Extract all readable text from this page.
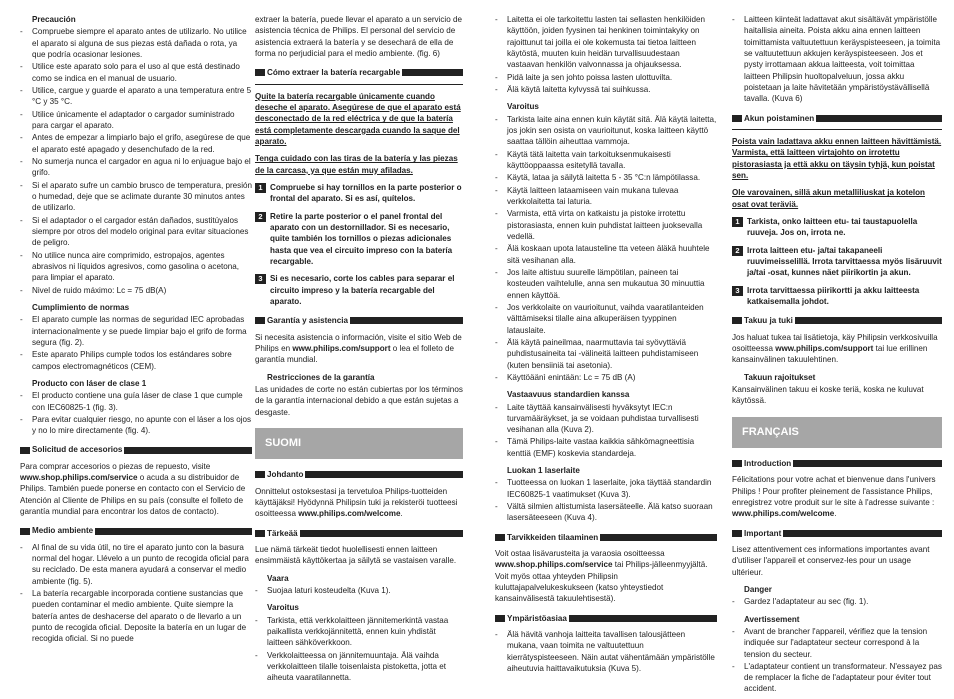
Precaución
- Compruebe siempre el aparato antes de utilizarlo. No utilice el aparato si alguna de sus piezas está dañada o rota, ya que podría ocasionar lesiones.
- Utilice este aparato solo para el uso al que está destinado como se indica en el manual de usuario.
- Utilice, cargue y guarde el aparato a una temperatura entre 5 °C y 35 °C.
- Utilice únicamente el adaptador o cargador suministrado para cargar el aparato.
- Antes de empezar a limpiarlo bajo el grifo, asegúrese de que el aparato esté apagado y desenchufado de la red.
- No sumerja nunca el cargador en agua ni lo enjuague bajo el grifo.
- Si el aparato sufre un cambio brusco de temperatura, presión o humedad, deje que se aclimate durante 30 minutos antes de utilizarlo.
- Si el adaptador o el cargador están dañados, sustitúyalos siempre por otros del modelo original para evitar situaciones de peligro.
- No utilice nunca aire comprimido, estropajos, agentes abrasivos ni líquidos agresivos, como gasolina o acetona, para limpiar el aparato.
- Nivel de ruido máximo: Lc = 75 dB(A)
Cumplimiento de normas
- El aparato cumple las normas de seguridad IEC aprobadas internacionalmente y se puede limpiar bajo el grifo de forma segura (fig. 2).
- Este aparato Philips cumple todos los estándares sobre campos electromagnéticos (CEM).
Producto con láser de clase 1
- El producto contiene una guía láser de clase 1 que cumple con IEC60825-1 (fig. 3).
- Para evitar cualquier riesgo, no apunte con el láser a los ojos y no lo mire directamente (fig. 4).
Solicitud de accesorios

Para comprar accesorios o piezas de repuesto, visite www.shop.philips.com/service o acuda a su distribuidor de Philips. También puede ponerse en contacto con el Servicio de Atención al Cliente de Philips en su país (consulte el folleto de garantía mundial para encontrar los datos de contacto).

Medio ambiente
- Al final de su vida útil, no tire el aparato junto con la basura normal del hogar. Llévelo a un punto de recogida oficial para su reciclado. De esta manera ayudará a conservar el medio ambiente (fig. 5).
- La batería recargable incorporada contiene sustancias que pueden contaminar el medio ambiente. Quite siempre la batería antes de deshacerse del aparato o de llevarlo a un punto de recogida oficial. Deposite la batería en un lugar de recogida oficial. Si no puede

extraer la batería, puede llevar el aparato a un servicio de asistencia técnica de Philips. El personal del servicio de asistencia extraerá la batería y se desechará de ella de forma no perjudicial para el medio ambiente. (fig. 6)

Cómo extraer la batería recargable

Quite la batería recargable únicamente cuando deseche el aparato. Asegúrese de que el aparato está desconectado de la red eléctrica y de que la batería está completamente descargada cuando la saque del aparato.

Tenga cuidado con las tiras de la batería y las piezas de la carcasa, ya que están muy afiladas.

1 Compruebe si hay tornillos en la parte posterior o frontal del aparato. Si es así, quítelos.
2 Retire la parte posterior o el panel frontal del aparato con un destornillador. Si es necesario, quite también los tornillos o piezas adicionales hasta que vea el circuito impreso con la batería recargable.
3 Si es necesario, corte los cables para separar el circuito impreso y la batería recargable del aparato.
Garantía y asistencia

Si necesita asistencia o información, visite el sitio Web de Philips en www.philips.com/support o lea el folleto de garantía mundial.

Restricciones de la garantía

Las unidades de corte no están cubiertas por los términos de la garantía internacional debido a que están sujetas a desgaste.

SUOMI
Johdanto

Onnittelut ostoksestasi ja tervetuloa Philips-tuotteiden käyttäjäksi! Hyödynnä Philipsin tuki ja rekisteröi tuotteesi osoitteessa www.philips.com/welcome.

Tärkeää

Lue nämä tärkeät tiedot huolellisesti ennen laitteen ensimmäistä käyttökertaa ja säilytä se vastaisen varalle.

Vaara
- Suojaa laturi kosteudelta (Kuva 1).
Varoitus
- Tarkista, että verkkolaitteen jännitemerkintä vastaa paikallista verkkojännitettä, ennen kuin yhdistät laitteen sähköverkkoon.
- Verkkolaitteessa on jännitemuuntaja. Älä vaihda verkkolaitteen tilalle toisenlaista pistoketta, jotta et aiheuta vaaratilannetta.
- Laitetta ei ole tarkoitettu lasten tai sellasten henkilöiden käyttöön, joiden fyysinen tai henkinen toimintakyky on rajoittunut tai joilla ei ole kokemusta tai tietoa laitteen käytöstä, muuten kuin heidän turvallisuudestaan vastaavan henkilön valvonnassa ja ohjauksessa.
- Pidä laite ja sen johto poissa lasten ulottuvilta.
- Älä käytä laitetta kylvyssä tai suihkussa.
Varoitus
- Tarkista laite aina ennen kuin käytät sitä. Älä käytä laitetta, jos jokin sen osista on vaurioitunut, koska laitteen käyttö saattaa tällöin aiheuttaa vammoja.
- Käytä tätä laitetta vain tarkoituksenmukaisesti käyttöoppaassa esitetyllä tavalla.
- Käytä, lataa ja säilytä laitetta 5 - 35 °C:n lämpötilassa.
- Käytä laitteen lataamiseen vain mukana tulevaa verkkolaitetta tai laturia.
- Varmista, että virta on katkaistu ja pistoke irrotettu pistorasiasta, ennen kuin puhdistat laitteen juoksevalla vedellä.
- Älä koskaan upota latausteline tta veteen äläkä huuhtele sitä vesihanan alla.
- Jos laite altistuu suurelle lämpötilan, paineen tai kosteuden vaihtelulle, anna sen mukautua 30 minuuttia ennen käyttöä.
- Jos verkkolaite on vaurioitunut, vaihda vaaratilanteiden välttämiseksi tilalle aina alkuperäisen tyyppinen latauslaite.
- Älä käytä paineilmaa, naarmuttavia tai syövyttäviä puhdistusaineita tai -välineitä laitteen puhdistamiseen (kuten bensiiniä tai asetonia).
- Käyttöäänì enintään: Lc = 75 dB (A)
Vastaavuus standardien kanssa
- Laite täyttää kansainvälisesti hyväksytyt IEC:n turvamääräykset, ja se voidaan puhdistaa turvallisesti vesihanan alla (Kuva 2).
- Tämä Philips-laite vastaa kaikkia sähkömagneettisia kenttiä (EMF) koskevia standardeja.
Luokan 1 laserlaite
- Tuotteessa on luokan 1 laserlaite, joka täyttää standardin IEC60825-1 vaatimukset (Kuva 3).
- Vältä silmien altistumista lasersäteelle. Älä katso suoraan lasersäteeseen (Kuva 4).
Tarvikkeiden tilaaminen

Voit ostaa lisävarusteita ja varaosia osoitteessa www.shop.philips.com/service tai Philips-jälleenmyyjältä. Voit myös ottaa yhteyden Philipsin kuluttajapalvelukeskukseen (katso yhteystiedot kansainvälisestä takuulehtisestä).

Ympäristöasiaa
- Älä hävitä vanhoja laitteita tavallisen talousjätteen mukana, vaan toimita ne valtuutettuun kierrätyspisteeseen. Näin autat vähentämään ympäristölle aiheutuvia haittavaikutuksia (Kuva 5).
- Laitteen kiinteät ladattavat akut sisältävät ympäristölle haitallisia aineita. Poista akku aina ennen laitteen toimittamista valtuutettuun keräyspisteeseen, ja toimita se valtuutettuun akkujen keräyspisteeseen. Jos et pysty irrottamaan akkua laitteesta, voit toimittaa laitteen Philipsin huoltopalveluun, jossa akku poistetaan ja laite hävitetään ympäristöystävällisellä tavalla. (Kuva 6)
Akun poistaminen

Poista vain ladattava akku ennen laitteen hävittämistä. Varmista, että laitteen virtajohto on irrotettu pistorasiasta ja että akku on täysin tyhjä, kun poistat sen.

Ole varovainen, sillä akun metalliliuskat ja kotelon osat ovat teräviä.

1 Tarkista, onko laitteen etu- tai taustapuolella ruuveja. Jos on, irrota ne.
2 Irrota laitteen etu- ja/tai takapaneeli ruuvimeisselillä. Irrota tarvittaessa myös lisäruuvit ja/tai -osat, kunnes näet piirikortin ja akun.
3 Irrota tarvittaessa piirikortti ja akku laitteesta katkaisemalla johdot.
Takuu ja tuki

Jos haluat tukea tai lisätietoja, käy Philipsin verkkosivuilla osoitteessa www.philips.com/support tai lue erillinen kansainvälinen takuulehtinen.

Takuun rajoitukset

Kansainvälinen takuu ei koske teriä, koska ne kuluvat käytössä.

FRANÇAIS
Introduction

Félicitations pour votre achat et bienvenue dans l'univers Philips ! Pour profiter pleinement de l'assistance Philips, enregistrez votre produit sur le site à l'adresse suivante : www.philips.com/welcome.

Important

Lisez attentivement ces informations importantes avant d'utiliser l'appareil et conservez-les pour un usage ultérieur.

Danger
- Gardez l'adaptateur au sec (fig. 1).
Avertissement
- Avant de brancher l'appareil, vérifiez que la tension indiquée sur l'adaptateur secteur correspond à la tension du secteur.
- L'adaptateur contient un transformateur. N'essayez pas de remplacer la fiche de l'adaptateur pour éviter tout accident.
